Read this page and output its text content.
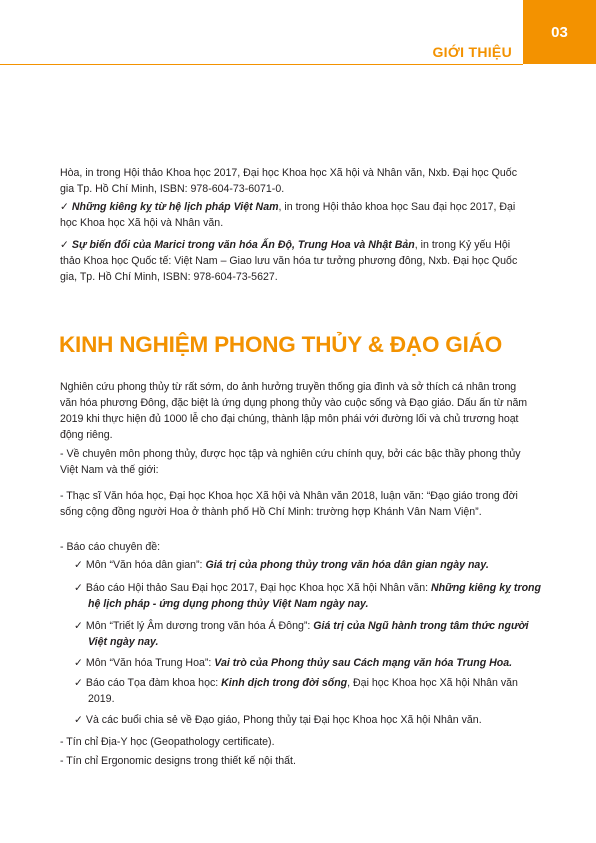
03
GIỚI THIỆU

Hòa, in trong Hội thảo Khoa học 2017, Đại học Khoa học Xã hội và Nhân văn, Nxb. Đại học Quốc gia Tp. Hồ Chí Minh, ISBN: 978-604-73-6071-0.

✓ Những kiêng kỵ từ hệ lịch pháp Việt Nam, in trong Hội thảo khoa học Sau đại học 2017, Đại học Khoa học Xã hội và Nhân văn.

✓ Sự biến đổi của Marici trong văn hóa Ấn Độ, Trung Hoa và Nhật Bản, in trong Kỷ yếu Hội thảo Khoa học Quốc tế: Việt Nam – Giao lưu văn hóa tư tưởng phương đông, Nxb. Đại học Quốc gia, Tp. Hồ Chí Minh, ISBN: 978-604-73-5627.

KINH NGHIỆM PHONG THỦY & ĐẠO GIÁO

Nghiên cứu phong thủy từ rất sớm, do ảnh hưởng truyền thống gia đình và sở thích cá nhân trong văn hóa phương Đông, đặc biệt là ứng dụng phong thủy vào cuộc sống và Đạo giáo. Dấu ấn từ năm 2019 khi thực hiện đủ 1000 lễ cho đại chúng, thành lập môn phái với đường lối và chủ trương hoạt động riêng.

- Về chuyên môn phong thủy, được học tập và nghiên cứu chính quy, bởi các bậc thầy phong thủy Việt Nam và thế giới:

- Thạc sĩ Văn hóa học, Đại học Khoa học Xã hội và Nhân văn 2018, luận văn: “Đạo giáo trong đời sống cộng đồng người Hoa ở thành phố Hồ Chí Minh: trường hợp Khánh Vân Nam Viện”.

- Báo cáo chuyên đề:

✓ Môn “Văn hóa dân gian”: Giá trị của phong thủy trong văn hóa dân gian ngày nay.

✓ Báo cáo Hội thảo Sau Đại học 2017, Đại học Khoa học Xã hội Nhân văn: Những kiêng kỵ trong hệ lịch pháp - ứng dụng phong thủy Việt Nam ngày nay.

✓ Môn “Triết lý Âm dương trong văn hóa Á Đông”: Giá trị của Ngũ hành trong tâm thức người Việt ngày nay.

✓ Môn “Văn hóa Trung Hoa”: Vai trò của Phong thủy sau Cách mạng văn hóa Trung Hoa.

✓ Báo cáo Tọa đàm khoa học: Kinh dịch trong đời sống, Đại học Khoa học Xã hội Nhân văn 2019.

✓ Và các buổi chia sẻ về Đạo giáo, Phong thủy tại Đại học Khoa học Xã hội Nhân văn.

- Tín chỉ Địa-Y học (Geopathology certificate).

- Tín chỉ Ergonomic designs trong thiết kế nội thất.
